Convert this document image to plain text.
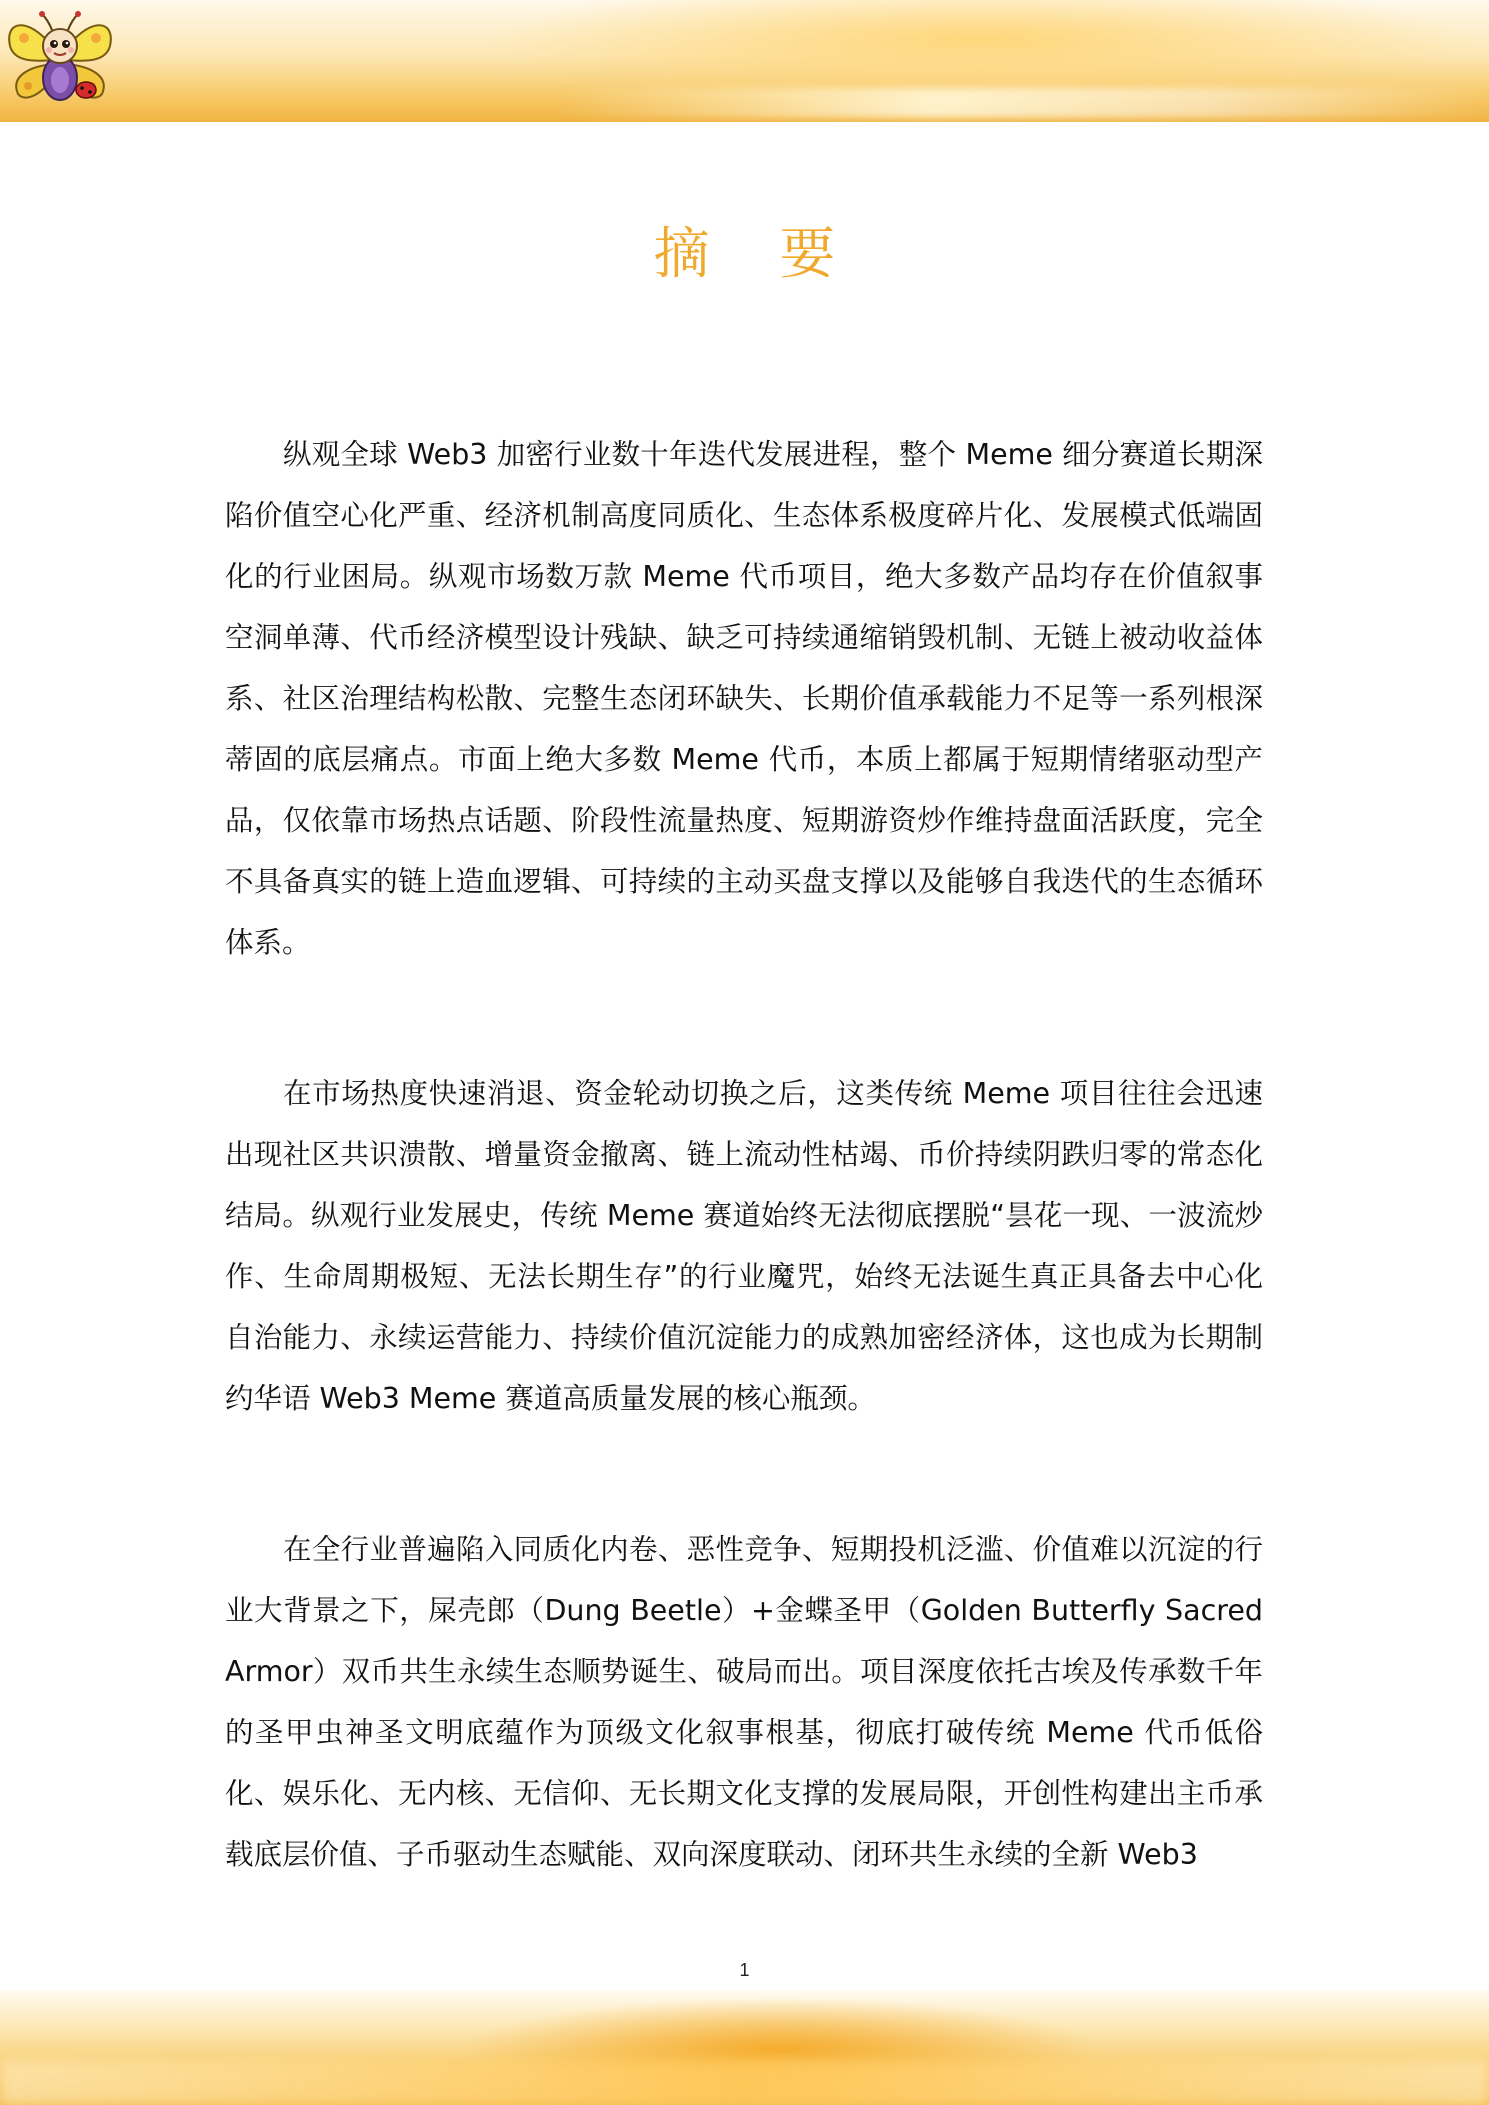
摘 要

纵观全球 Web3 加密行业数十年迭代发展进程，整个 Meme 细分赛道长期深陷价值空心化严重、经济机制高度同质化、生态体系极度碎片化、发展模式低端固化的行业困局。纵观市场数万款 Meme 代币项目，绝大多数产品均存在价值叙事空洞单薄、代币经济模型设计残缺、缺乏可持续通缩销毁机制、无链上被动收益体系、社区治理结构松散、完整生态闭环缺失、长期价值承载能力不足等一系列根深蒂固的底层痛点。市面上绝大多数 Meme 代币，本质上都属于短期情绪驱动型产品，仅依靠市场热点话题、阶段性流量热度、短期游资炒作维持盘面活跃度，完全不具备真实的链上造血逻辑、可持续的主动买盘支撑以及能够自我迭代的生态循环体系。

在市场热度快速消退、资金轮动切换之后，这类传统 Meme 项目往往会迅速出现社区共识溃散、增量资金撤离、链上流动性枯竭、币价持续阴跌归零的常态化结局。纵观行业发展史，传统 Meme 赛道始终无法彻底摆脱“昙花一现、一波流炒作、生命周期极短、无法长期生存”的行业魔咒，始终无法诞生真正具备去中心化自治能力、永续运营能力、持续价值沉淀能力的成熟加密经济体，这也成为长期制约华语 Web3 Meme 赛道高质量发展的核心瓶颈。

在全行业普遍陷入同质化内卷、恶性竞争、短期投机泛滥、价值难以沉淀的行业大背景之下，屎壳郎（Dung Beetle）+金蝶圣甲（Golden Butterfly Sacred Armor）双币共生永续生态顺势诞生、破局而出。项目深度依托古埃及传承数千年的圣甲虫神圣文明底蕴作为顶级文化叙事根基，彻底打破传统 Meme 代币低俗化、娱乐化、无内核、无信仰、无长期文化支撑的发展局限，开创性构建出主币承载底层价值、子币驱动生态赋能、双向深度联动、闭环共生永续的全新 Web3

1
